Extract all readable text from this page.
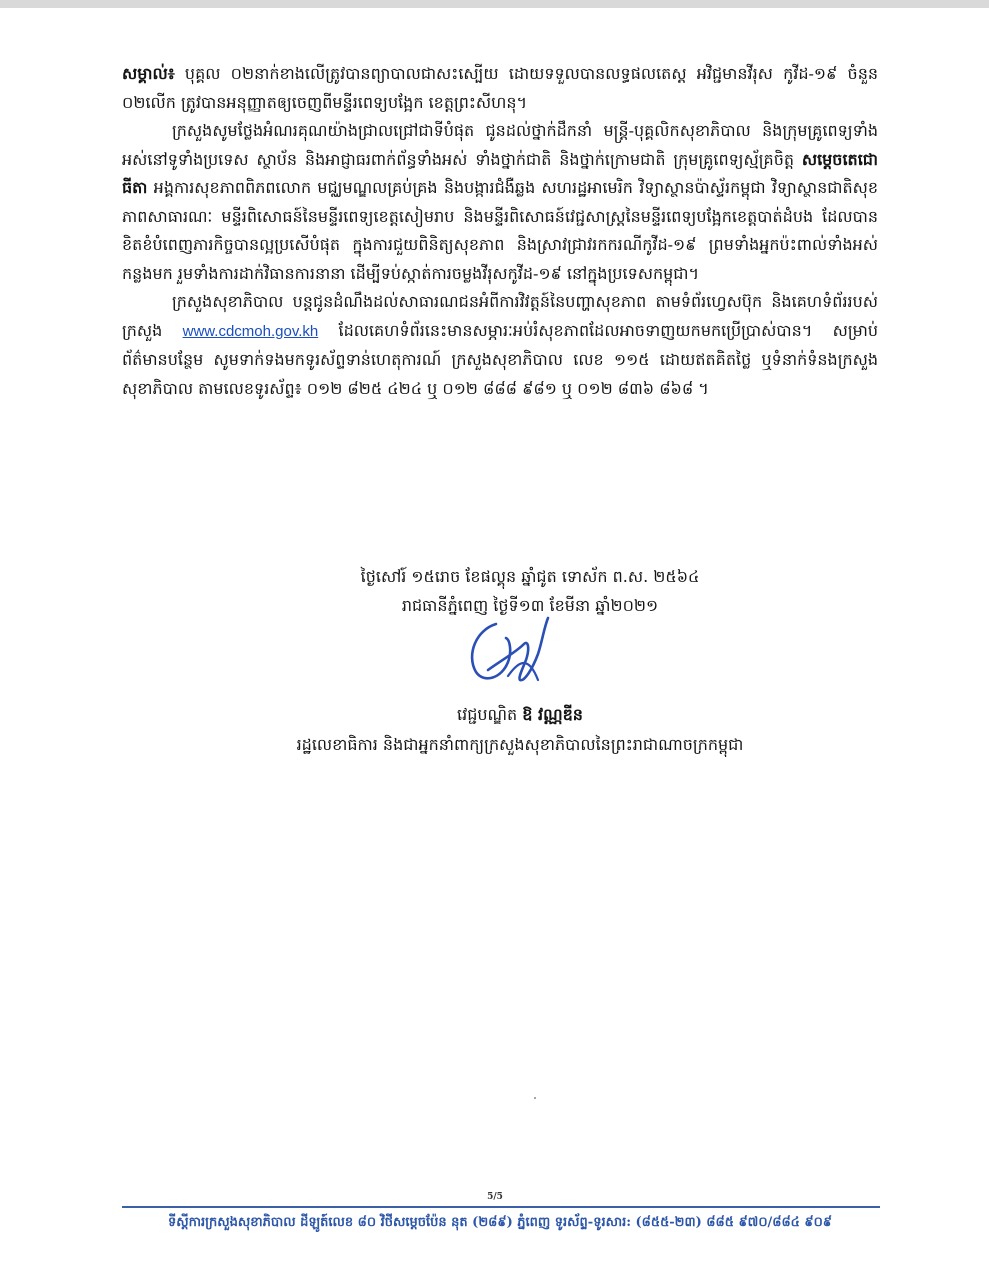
សម្គាល់៖ បុគ្គល ០២នាក់ខាងលើត្រូវបានព្យាបាលជាសះស្បើយ ដោយទទួលបានលទ្ធផលតេស្ត អវិជ្ជមានវីរុស កូវីដ-១៩ ចំនួន ០២លើក ត្រូវបានអនុញ្ញាតឲ្យចេញពីមន្ទីរពេទ្យបង្អែក ខេត្តព្រះសីហនុ។

ក្រសួងសូមថ្លែងអំណរគុណយ៉ាងជ្រាលជ្រៅជាទីបំផុត ជូនដល់ថ្នាក់ដឹកនាំ មន្ត្រី-បុគ្គលិកសុខាភិបាល និងក្រុមគ្រូពេទ្យទាំងអស់នៅទូទាំងប្រទេស ស្ថាប័ន និងអាជ្ញាធរពាក់ព័ន្ធទាំងអស់ ទាំងថ្នាក់ជាតិ និងថ្នាក់ក្រោមជាតិ ក្រុមគ្រូពេទ្យស្ម័គ្រចិត្ត សម្តេចតេជោ ធីតា អង្គការសុខភាពពិភពលោក មជ្ឈមណ្ឌលគ្រប់គ្រង និងបង្ការជំងឺឆ្លង សហរដ្ឋអាមេរិក វិទ្យាស្ថានប៉ាស្ទ័រកម្ពុជា វិទ្យាស្ថានជាតិសុខភាពសាធារណៈ មន្ទីរពិសោធន៍នៃមន្ទីរពេទ្យខេត្តសៀមរាប និងមន្ទីរពិសោធន៍វេជ្ជសាស្ត្រនៃមន្ទីរពេទ្យបង្អែកខេត្តបាត់ដំបង ដែលបានខិតខំបំពេញភារកិច្ចបានល្អប្រសើបំផុត ក្នុងការជួយពិនិត្យសុខភាព និងស្រាវជ្រាវរកករណីកូវីដ-១៩ ព្រមទាំងអ្នកប៉ះពាល់ទាំងអស់កន្លងមក រួមទាំងការដាក់វិធានការនានា ដើម្បីទប់ស្កាត់ការចម្លងវីរុសកូវីដ-១៩ នៅក្នុងប្រទេសកម្ពុជា។

ក្រសួងសុខាភិបាល បន្តជូនដំណឹងដល់សាធារណជនអំពីការវិវត្តន៍នៃបញ្ហាសុខភាព តាមទំព័រហ្វេសប៊ុក និងគេហទំព័ររបស់ក្រសួង www.cdcmoh.gov.kh ដែលគេហទំព័រនេះមានសម្ភារៈអប់រំសុខភាពដែលអាចទាញយកមកប្រើប្រាស់បាន។ សម្រាប់ព័ត៌មានបន្ថែម សូមទាក់ទងមកទូរស័ព្ទទាន់ហេតុការណ៍ ក្រសួងសុខាភិបាល លេខ ១១៥ ដោយឥតគិតថ្លៃ ឬទំនាក់ទំនងក្រសួងសុខាភិបាល តាមលេខទូរស័ព្ទ៖ ០១២ ៨២៥ ៤២៤ ឬ ០១២ ៨៨៨ ៩៨១ ឬ ០១២ ៨៣៦ ៨៦៨ ។

ថ្ងៃសៅរ៍ ១៥រោច ខែផល្គុន ឆ្នាំជូត ទោស័ក ព.ស. ២៥៦៤
រាជធានីភ្នំពេញ ថ្ងៃទី១៣ ខែមីនា ឆ្នាំ២០២១
វេជ្ជបណ្ឌិត ឱ វណ្ណឌីន
រដ្ឋលេខាធិការ និងជាអ្នកនាំពាក្យក្រសួងសុខាភិបាលនៃព្រះរាជាណាចក្រកម្ពុជា
5/5
ទីស្តីការក្រសួងសុខាភិបាល ដីឡូត៍លេខ ៨០ វិថីសម្តេចប៉ែន នុត (២៨៩) ភ្នំពេញ ទូរស័ព្ទ-ទូរសារ: (៨៥៥-២៣) ៨៨៥ ៩៧០/៨៨៤ ៩០៩
